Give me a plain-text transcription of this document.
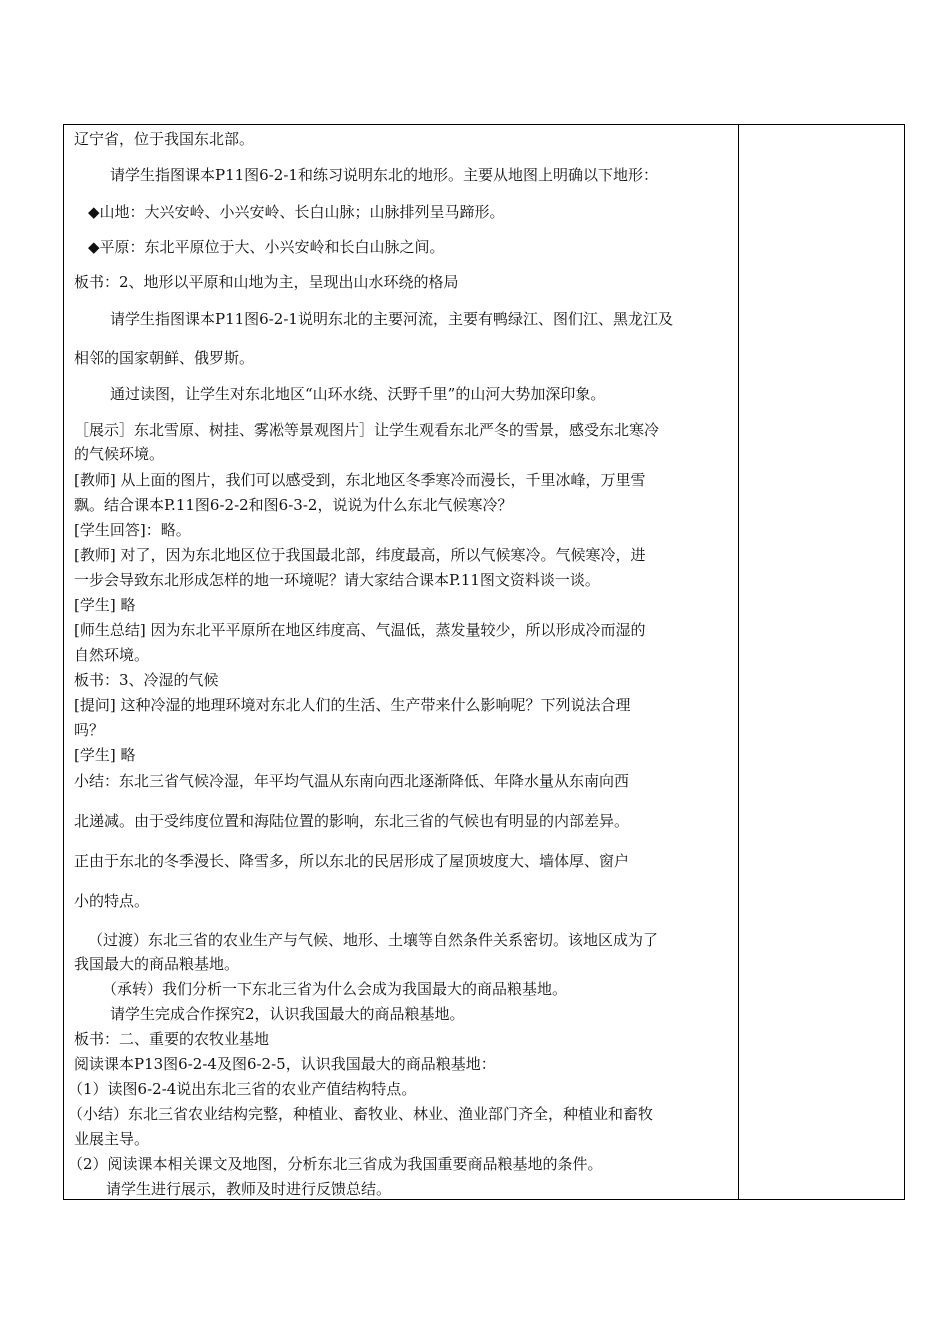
辽宁省，位于我国东北部。
请学生指图课本P11图6-2-1和练习说明东北的地形。主要从地图上明确以下地形：
◆山地：大兴安岭、小兴安岭、长白山脉；山脉排列呈马蹄形。
◆平原：东北平原位于大、小兴安岭和长白山脉之间。
板书：2、地形以平原和山地为主，呈现出山水环绕的格局
请学生指图课本P11图6-2-1说明东北的主要河流，主要有鸭绿江、图们江、黑龙江及
相邻的国家朝鲜、俄罗斯。
通过读图，让学生对东北地区“山环水绕、沃野千里”的山河大势加深印象。
［展示］东北雪原、树挂、雾凇等景观图片］让学生观看东北严冬的雪景，感受东北寒冷
的气候环境。
[教师] 从上面的图片，我们可以感受到，东北地区冬季寒冷而漫长，千里冰峰，万里雪
飘。结合课本P.11图6-2-2和图6-3-2，说说为什么东北气候寒冷？
[学生回答]：略。
[教师] 对了，因为东北地区位于我国最北部，纬度最高，所以气候寒冷。气候寒冷，进
一步会导致东北形成怎样的地一环境呢？请大家结合课本P.11图文资料谈一谈。
[学生] 略
[师生总结] 因为东北平平原所在地区纬度高、气温低，蒸发量较少，所以形成冷而湿的
自然环境。
板书：3、冷湿的气候
[提问] 这种冷湿的地理环境对东北人们的生活、生产带来什么影响呢？下列说法合理
吗？
[学生] 略
小结：东北三省气候冷湿，年平均气温从东南向西北逐渐降低、年降水量从东南向西
北递减。由于受纬度位置和海陆位置的影响，东北三省的气候也有明显的内部差异。
正由于东北的冬季漫长、降雪多，所以东北的民居形成了屋顶坡度大、墙体厚、窗户
小的特点。
（过渡）东北三省的农业生产与气候、地形、土壤等自然条件关系密切。该地区成为了
我国最大的商品粮基地。
（承转）我们分析一下东北三省为什么会成为我国最大的商品粮基地。
请学生完成合作探究2，认识我国最大的商品粮基地。
板书：二、重要的农牧业基地
阅读课本P13图6-2-4及图6-2-5，认识我国最大的商品粮基地：
（1）读图6-2-4说出东北三省的农业产值结构特点。
（小结）东北三省农业结构完整，种植业、畜牧业、林业、渔业部门齐全，种植业和畜牧
业展主导。
（2）阅读课本相关课文及地图，分析东北三省成为我国重要商品粮基地的条件。
请学生进行展示，教师及时进行反馈总结。
